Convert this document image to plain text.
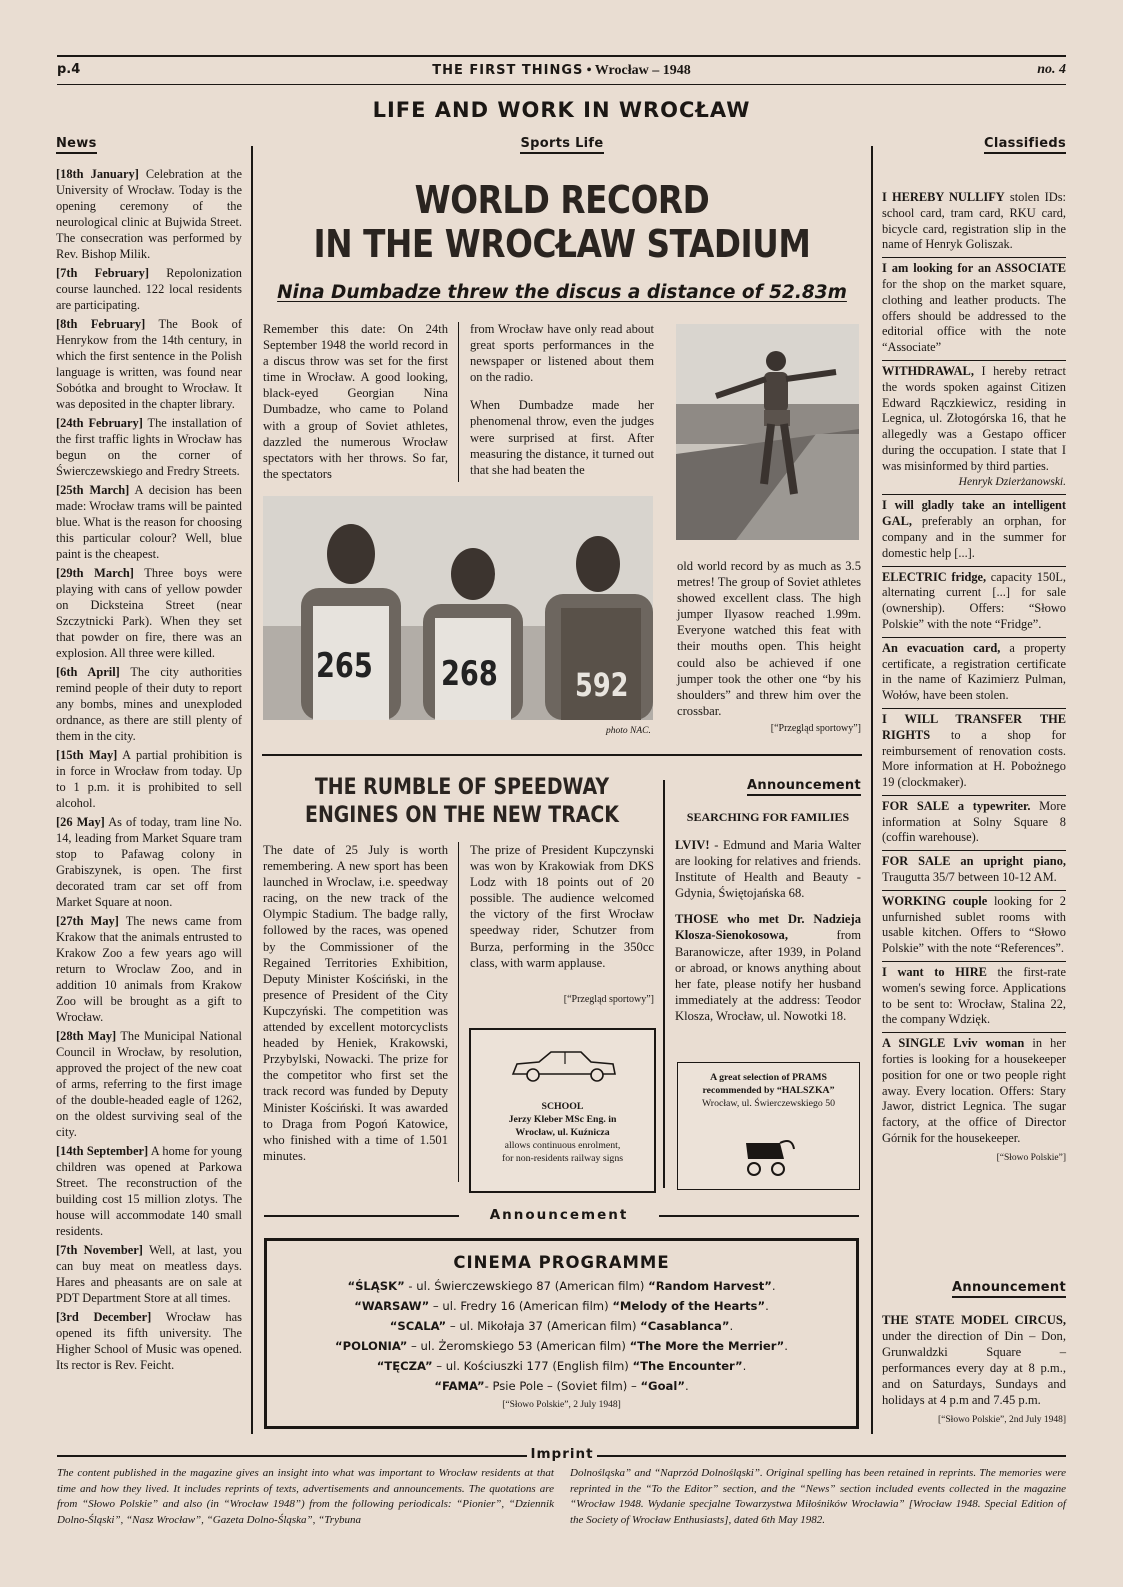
p.4	THE FIRST THINGS • Wrocław – 1948	no. 4
LIFE AND WORK IN WROCŁAW
News

[18th January] Celebration at the University of Wrocław. Today is the opening ceremony of the neurological clinic at Bujwida Street. The consecration was performed by Rev. Bishop Milik.

[7th February] Repolonization course launched. 122 local residents are participating.

[8th February] The Book of Henrykow from the 14th century, in which the first sentence in the Polish language is written, was found near Sobótka and brought to Wrocław. It was deposited in the chapter library.

[24th February] The installation of the first traffic lights in Wrocław has begun on the corner of Świerczewskiego and Fredry Streets.

[25th March] A decision has been made: Wrocław trams will be painted blue. What is the reason for choosing this particular colour? Well, blue paint is the cheapest.

[29th March] Three boys were playing with cans of yellow powder on Dicksteina Street (near Szczytnicki Park). When they set that powder on fire, there was an explosion. All three were killed.

[6th April] The city authorities remind people of their duty to report any bombs, mines and unexploded ordnance, as there are still plenty of them in the city.

[15th May] A partial prohibition is in force in Wrocław from today. Up to 1 p.m. it is prohibited to sell alcohol.

[26 May] As of today, tram line No. 14, leading from Market Square tram stop to Pafawag colony in Grabiszynek, is open. The first decorated tram car set off from Market Square at noon.

[27th May] The news came from Krakow that the animals entrusted to Krakow Zoo a few years ago will return to Wroclaw Zoo, and in addition 10 animals from Krakow Zoo will be brought as a gift to Wrocław.

[28th May] The Municipal National Council in Wrocław, by resolution, approved the project of the new coat of arms, referring to the first image of the double-headed eagle of 1262, on the oldest surviving seal of the city.

[14th September] A home for young children was opened at Parkowa Street. The reconstruction of the building cost 15 million zlotys. The house will accommodate 140 small residents.

[7th November] Well, at last, you can buy meat on meatless days. Hares and pheasants are on sale at PDT Department Store at all times.

[3rd December] Wrocław has opened its fifth university. The Higher School of Music was opened. Its rector is Rev. Feicht.

Sports Life
WORLD RECORD
IN THE WROCŁAW STADIUM
Nina Dumbadze threw the discus a distance of 52.83m
Remember this date: On 24th September 1948 the world record in a discus throw was set for the first time in Wrocław. A good looking, black-eyed Georgian Nina Dumbadze, who came to Poland with a group of Soviet athletes, dazzled the numerous Wrocław spectators with her throws. So far, the spectators

from Wrocław have only read about great sports performances in the newspaper or listened about them on the radio.

When Dumbadze made her phenomenal throw, even the judges were surprised at first. After measuring the distance, it turned out that she had beaten the

265 268 592
photo NAC.
old world record by as much as 3.5 metres! The group of Soviet athletes showed excellent class. The high jumper Ilyasow reached 1.99m. Everyone watched this feat with their mouths open. This height could also be achieved if one jumper took the other one “by his shoulders” and threw him over the crossbar.
[“Przegląd sportowy”]
THE RUMBLE OF SPEEDWAY
ENGINES ON THE NEW TRACK
The date of 25 July is worth remembering. A new sport has been launched in Wroclaw, i.e. speedway racing, on the new track of the Olympic Stadium. The badge rally, followed by the races, was opened by the Commissioner of the Regained Territories Exhibition, Deputy Minister Kościński, in the presence of President of the City Kupczyński. The competition was attended by excellent motorcyclists headed by Heniek, Krakowski, Przybylski, Nowacki. The prize for the competitor who first set the track record was funded by Deputy Minister Kościński. It was awarded to Draga from Pogoń Katowice, who finished with a time of 1.501 minutes.
The prize of President Kupczynski was won by Krakowiak from DKS Lodz with 18 points out of 20 possible. The audience welcomed the victory of the first Wrocław speedway rider, Schutzer from Burza, performing in the 350cc class, with warm applause.
[“Przegląd sportowy”]
SCHOOL
Jerzy Kleber MSc Eng. in
Wrocław, ul. Kuźnicza
allows continuous enrolment,
for non-residents railway signs
Announcement
SEARCHING FOR FAMILIES

LVIV! - Edmund and Maria Walter are looking for relatives and friends. Institute of Health and Beauty - Gdynia, Świętojańska 68.

THOSE who met Dr. Nadzieja Klosza-Sienokosowa, from Baranowicze, after 1939, in Poland or abroad, or knows anything about her fate, please notify her husband immediately at the address: Teodor Klosza, Wrocław, ul. Nowotki 18.

A great selection of PRAMS
recommended by “HALSZKA”
Wrocław, ul. Świerczewskiego 50
Announcement
CINEMA PROGRAMME
“ŚLĄSK” - ul. Świerczewskiego 87 (American film) “Random Harvest”.
“WARSAW” – ul. Fredry 16 (American film) “Melody of the Hearts”.
“SCALA” – ul. Mikołaja 37 (American film) “Casablanca”.
“POLONIA” – ul. Żeromskiego 53 (American film) “The More the Merrier”.
“TĘCZA” – ul. Kościuszki 177 (English film) “The Encounter”.
“FAMA”- Psie Pole – (Soviet film) – “Goal”.
[“Słowo Polskie”, 2 July 1948]
Classifieds
I HEREBY NULLIFY stolen IDs: school card, tram card, RKU card, bicycle card, registration slip in the name of Henryk Goliszak.
I am looking for an ASSOCIATE for the shop on the market square, clothing and leather products. The offers should be addressed to the editorial office with the note “Associate”
WITHDRAWAL, I hereby retract the words spoken against Citizen Edward Rączkiewicz, residing in Legnica, ul. Złotogórska 16, that he allegedly was a Gestapo officer during the occupation. I state that I was misinformed by third parties.
Henryk Dzierżanowski.
I will gladly take an intelligent GAL, preferably an orphan, for company and in the summer for domestic help [...].
ELECTRIC fridge, capacity 150L, alternating current [...] for sale (ownership). Offers: “Słowo Polskie” with the note “Fridge”.
An evacuation card, a property certificate, a registration certificate in the name of Kazimierz Pulman, Wołów, have been stolen.
I WILL TRANSFER THE RIGHTS to a shop for reimbursement of renovation costs. More information at H. Pobożnego 19 (clockmaker).
FOR SALE a typewriter. More information at Solny Square 8 (coffin warehouse).
FOR SALE an upright piano, Traugutta 35/7 between 10-12 AM.
WORKING couple looking for 2 unfurnished sublet rooms with usable kitchen. Offers to “Słowo Polskie” with the note “References”.
I want to HIRE the first-rate women's sewing force. Applications to be sent to: Wrocław, Stalina 22, the company Wdzięk.
A SINGLE Lviv woman in her forties is looking for a housekeeper position for one or two people right away. Every location. Offers: Stary Jawor, district Legnica. The sugar factory, at the office of Director Górnik for the housekeeper.
[“Słowo Polskie”]
Announcement
THE STATE MODEL CIRCUS, under the direction of Din – Don, Grunwaldzki Square – performances every day at 8 p.m., and on Saturdays, Sundays and holidays at 4 p.m and 7.45 p.m.
[“Słowo Polskie”, 2nd July 1948]
Imprint
The content published in the magazine gives an insight into what was important to Wrocław residents at that time and how they lived. It includes reprints of texts, advertisements and announcements. The quotations are from “Słowo Polskie” and also (in “Wrocław 1948”) from the following periodicals: “Pionier”, “Dziennik Dolno-Śląski”, “Nasz Wrocław”, “Gazeta Dolno-Śląska”, “Trybuna
Dolnośląska” and “Naprzód Dolnośląski”. Original spelling has been retained in reprints. The memories were reprinted in the “To the Editor” section, and the “News” section included events collected in the magazine “Wrocław 1948. Wydanie specjalne Towarzystwa Miłośników Wrocławia” [Wrocław 1948. Special Edition of the Society of Wrocław Enthusiasts], dated 6th May 1982.
